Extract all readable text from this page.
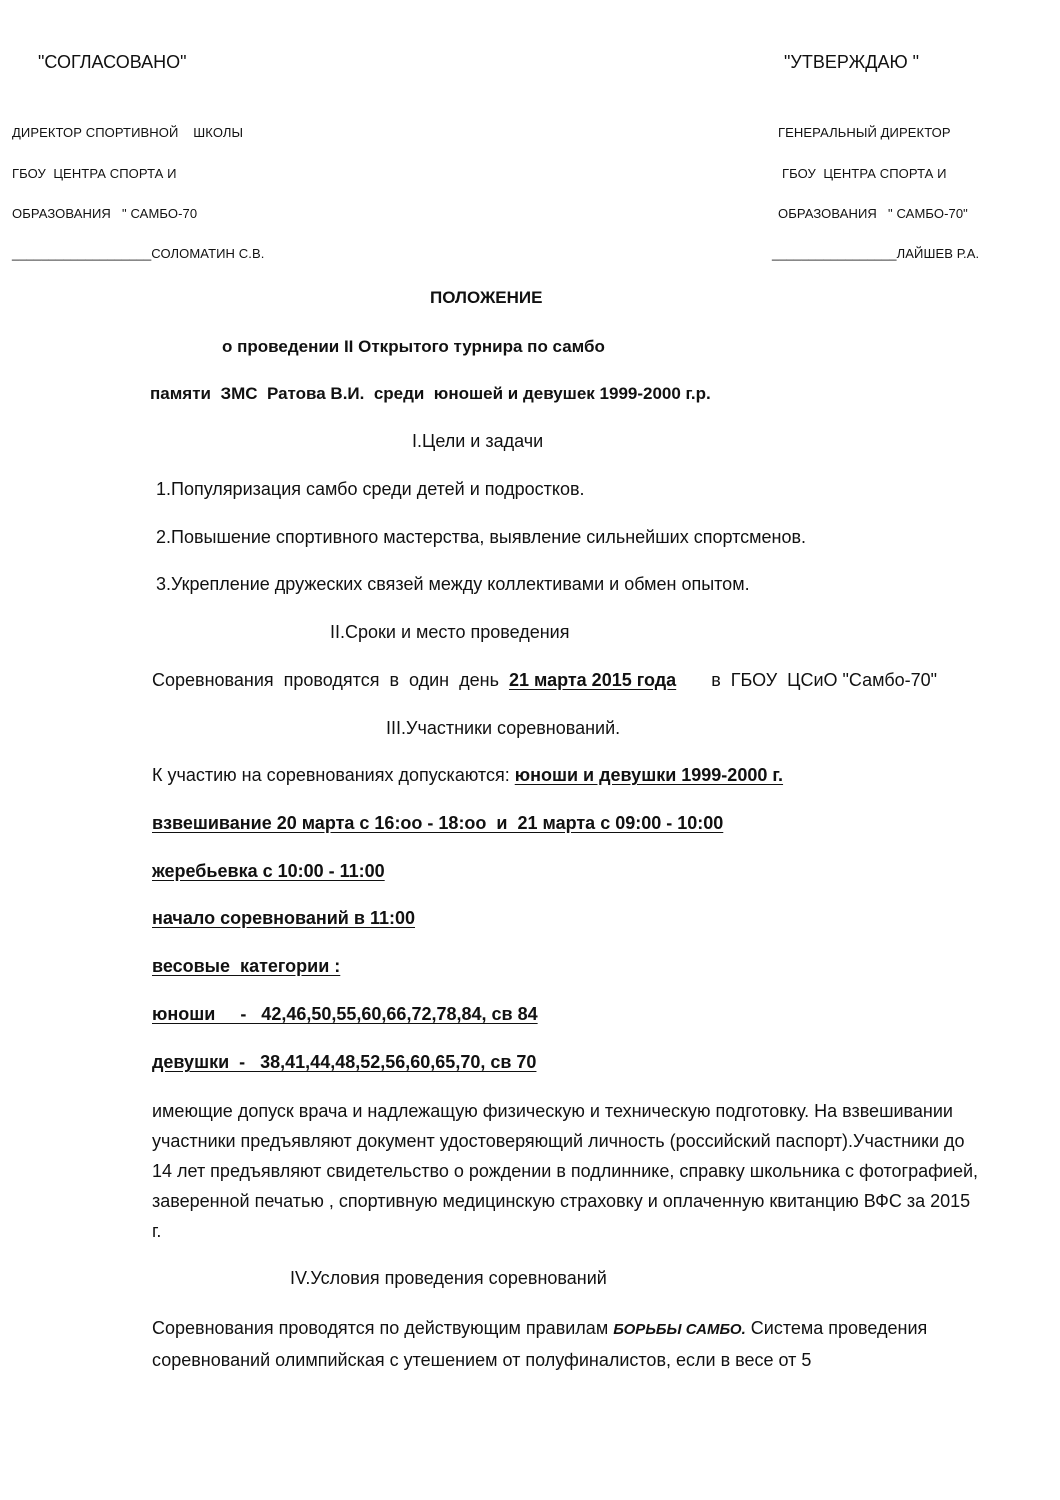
"СОГЛАСОВАНО"
ДИРЕКТОР СПОРТИВНОЙ    ШКОЛЫ
ГБОУ  ЦЕНТРА СПОРТА И
ОБРАЗОВАНИЯ   " САМБО-70
___________________СОЛОМАТИН С.В.
"УТВЕРЖДАЮ "
ГЕНЕРАЛЬНЫЙ ДИРЕКТОР
ГБОУ  ЦЕНТРА СПОРТА И
ОБРАЗОВАНИЯ   " САМБО-70"
_________________ЛАЙШЕВ Р.А.
ПОЛОЖЕНИЕ
о проведении II Открытого турнира по самбо
памяти  ЗМС  Ратова В.И.  среди  юношей и девушек 1999-2000 г.р.
I.Цели и задачи
1.Популяризация самбо среди детей и подростков.
2.Повышение спортивного мастерства, выявление сильнейших спортсменов.
3.Укрепление дружеских связей между коллективами и обмен опытом.
II.Сроки и место проведения
Соревнования  проводятся  в  один  день 21 марта 2015 года в  ГБОУ  ЦСиО "Самбо-70"
III.Участники соревнований.
К участию на соревнованиях допускаются: юноши и девушки 1999-2000 г.
взвешивание 20 марта с 16:oo - 18:oo  и  21 марта с 09:00 - 10:00
жеребьевка с 10:00 - 11:00
начало соревнований в 11:00
весовые  категории :
юноши     -   42,46,50,55,60,66,72,78,84, св 84
девушки  -   38,41,44,48,52,56,60,65,70, св 70
имеющие допуск врача и надлежащую физическую и техническую подготовку. На взвешивании участники предъявляют документ удостоверяющий личность (российский паспорт).Участники до 14 лет предъявляют свидетельство о рождении в подлиннике, справку школьника с фотографией, заверенной печатью , спортивную медицинскую страховку и оплаченную квитанцию ВФС за 2015 г.
IV.Условия проведения соревнований
Соревнования проводятся по действующим правилам БОРЬБЫ САМБО. Система проведения соревнований олимпийская с утешением от полуфиналистов, если в весе от 5
